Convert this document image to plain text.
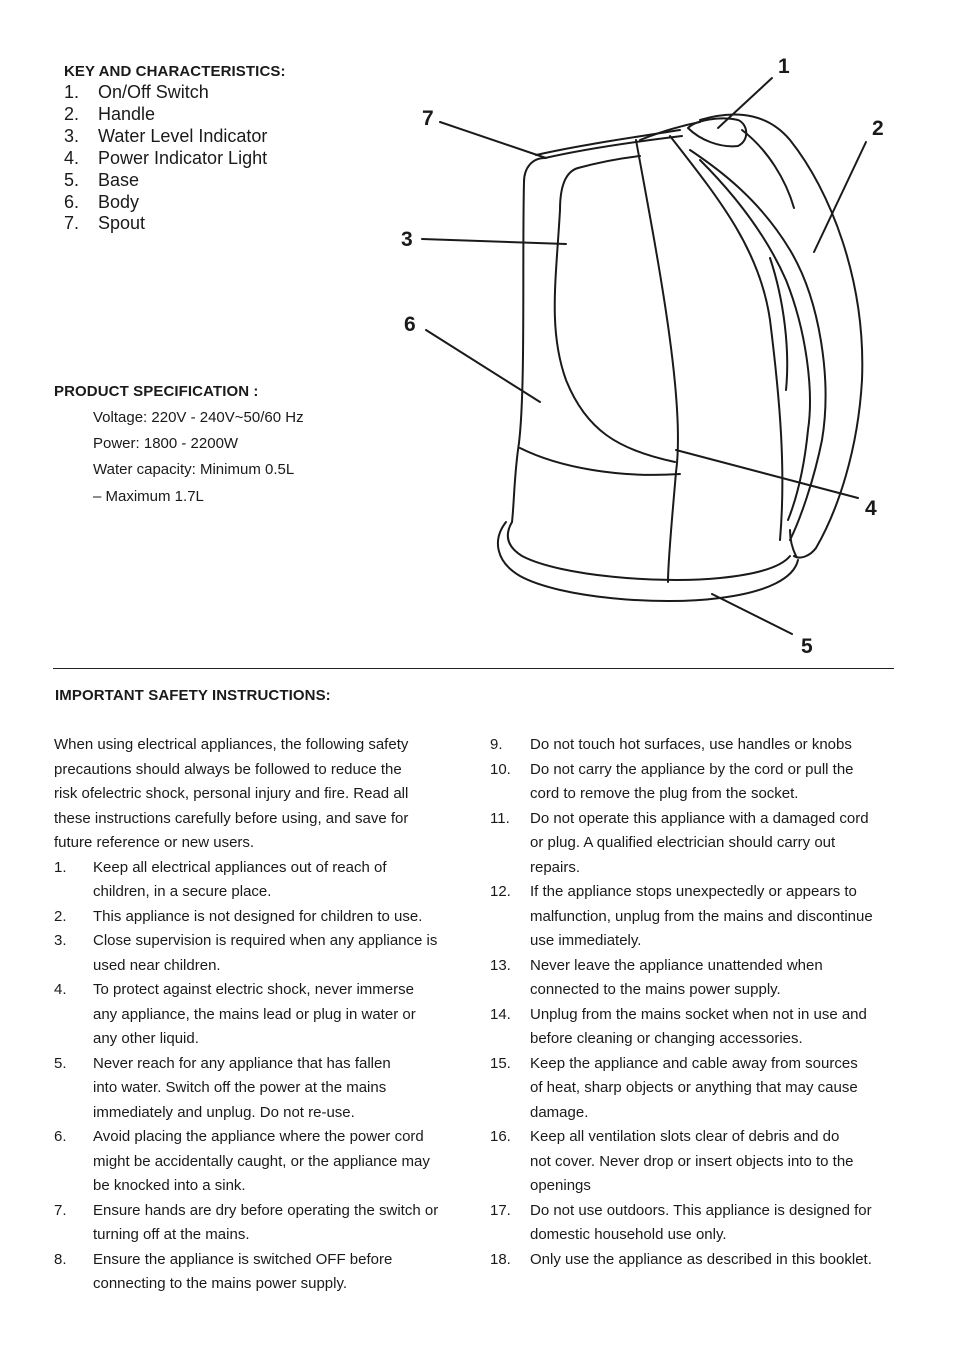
KEY AND CHARACTERISTICS:
1.	On/Off Switch
2.	Handle
3.	Water Level Indicator
4.	Power Indicator Light
5.	Base
6.	Body
7.	Spout
PRODUCT SPECIFICATION :
Voltage: 220V - 240V~50/60 Hz
Power: 1800 - 2200W
Water capacity: Minimum 0.5L
– Maximum 1.7L
1
2
3
4
5
6
7
IMPORTANT SAFETY INSTRUCTIONS:

When using electrical appliances, the following safety

precautions should always be followed to reduce the

risk ofelectric shock, personal injury and fire. Read all

these instructions carefully before using, and save for

future reference or new users.

1.	Keep all electrical appliances out of reach of

children, in a secure place.

2.	This appliance is not designed for children to use.

3.	Close supervision is required when any appliance is

used near children.

4.	To protect against electric shock, never immerse

any appliance, the mains lead or plug in water or

any other liquid.

5.	Never reach for any appliance that has fallen

into water. Switch off the power at the mains

immediately and unplug. Do not re-use.

6.	Avoid placing the appliance where the power cord

might be accidentally caught, or the appliance may

be knocked into a sink.

7.	Ensure hands are dry before operating the switch or

turning off at the mains.

8.	Ensure the appliance is switched OFF before

connecting to the mains power supply.

9.	Do not touch hot surfaces, use handles or knobs

10.	Do not carry the appliance by the cord or pull the

cord to remove the plug from the socket.

11.	Do not operate this appliance with a damaged cord

or plug. A qualified electrician should carry out

repairs.

12.	If the appliance stops unexpectedly or appears to

malfunction, unplug from the mains and discontinue

use immediately.

13.	Never leave the appliance unattended when

connected to the mains power supply.

14.	Unplug from the mains socket when not in use and

before cleaning or changing accessories.

15.	Keep the appliance and cable away from sources

of heat, sharp objects or anything that may cause

damage.

16.	Keep all ventilation slots clear of debris and do

not cover. Never drop or insert objects into to the

openings

17.	Do not use outdoors. This appliance is designed for

domestic household use only.

18.	Only use the appliance as described in this booklet.
